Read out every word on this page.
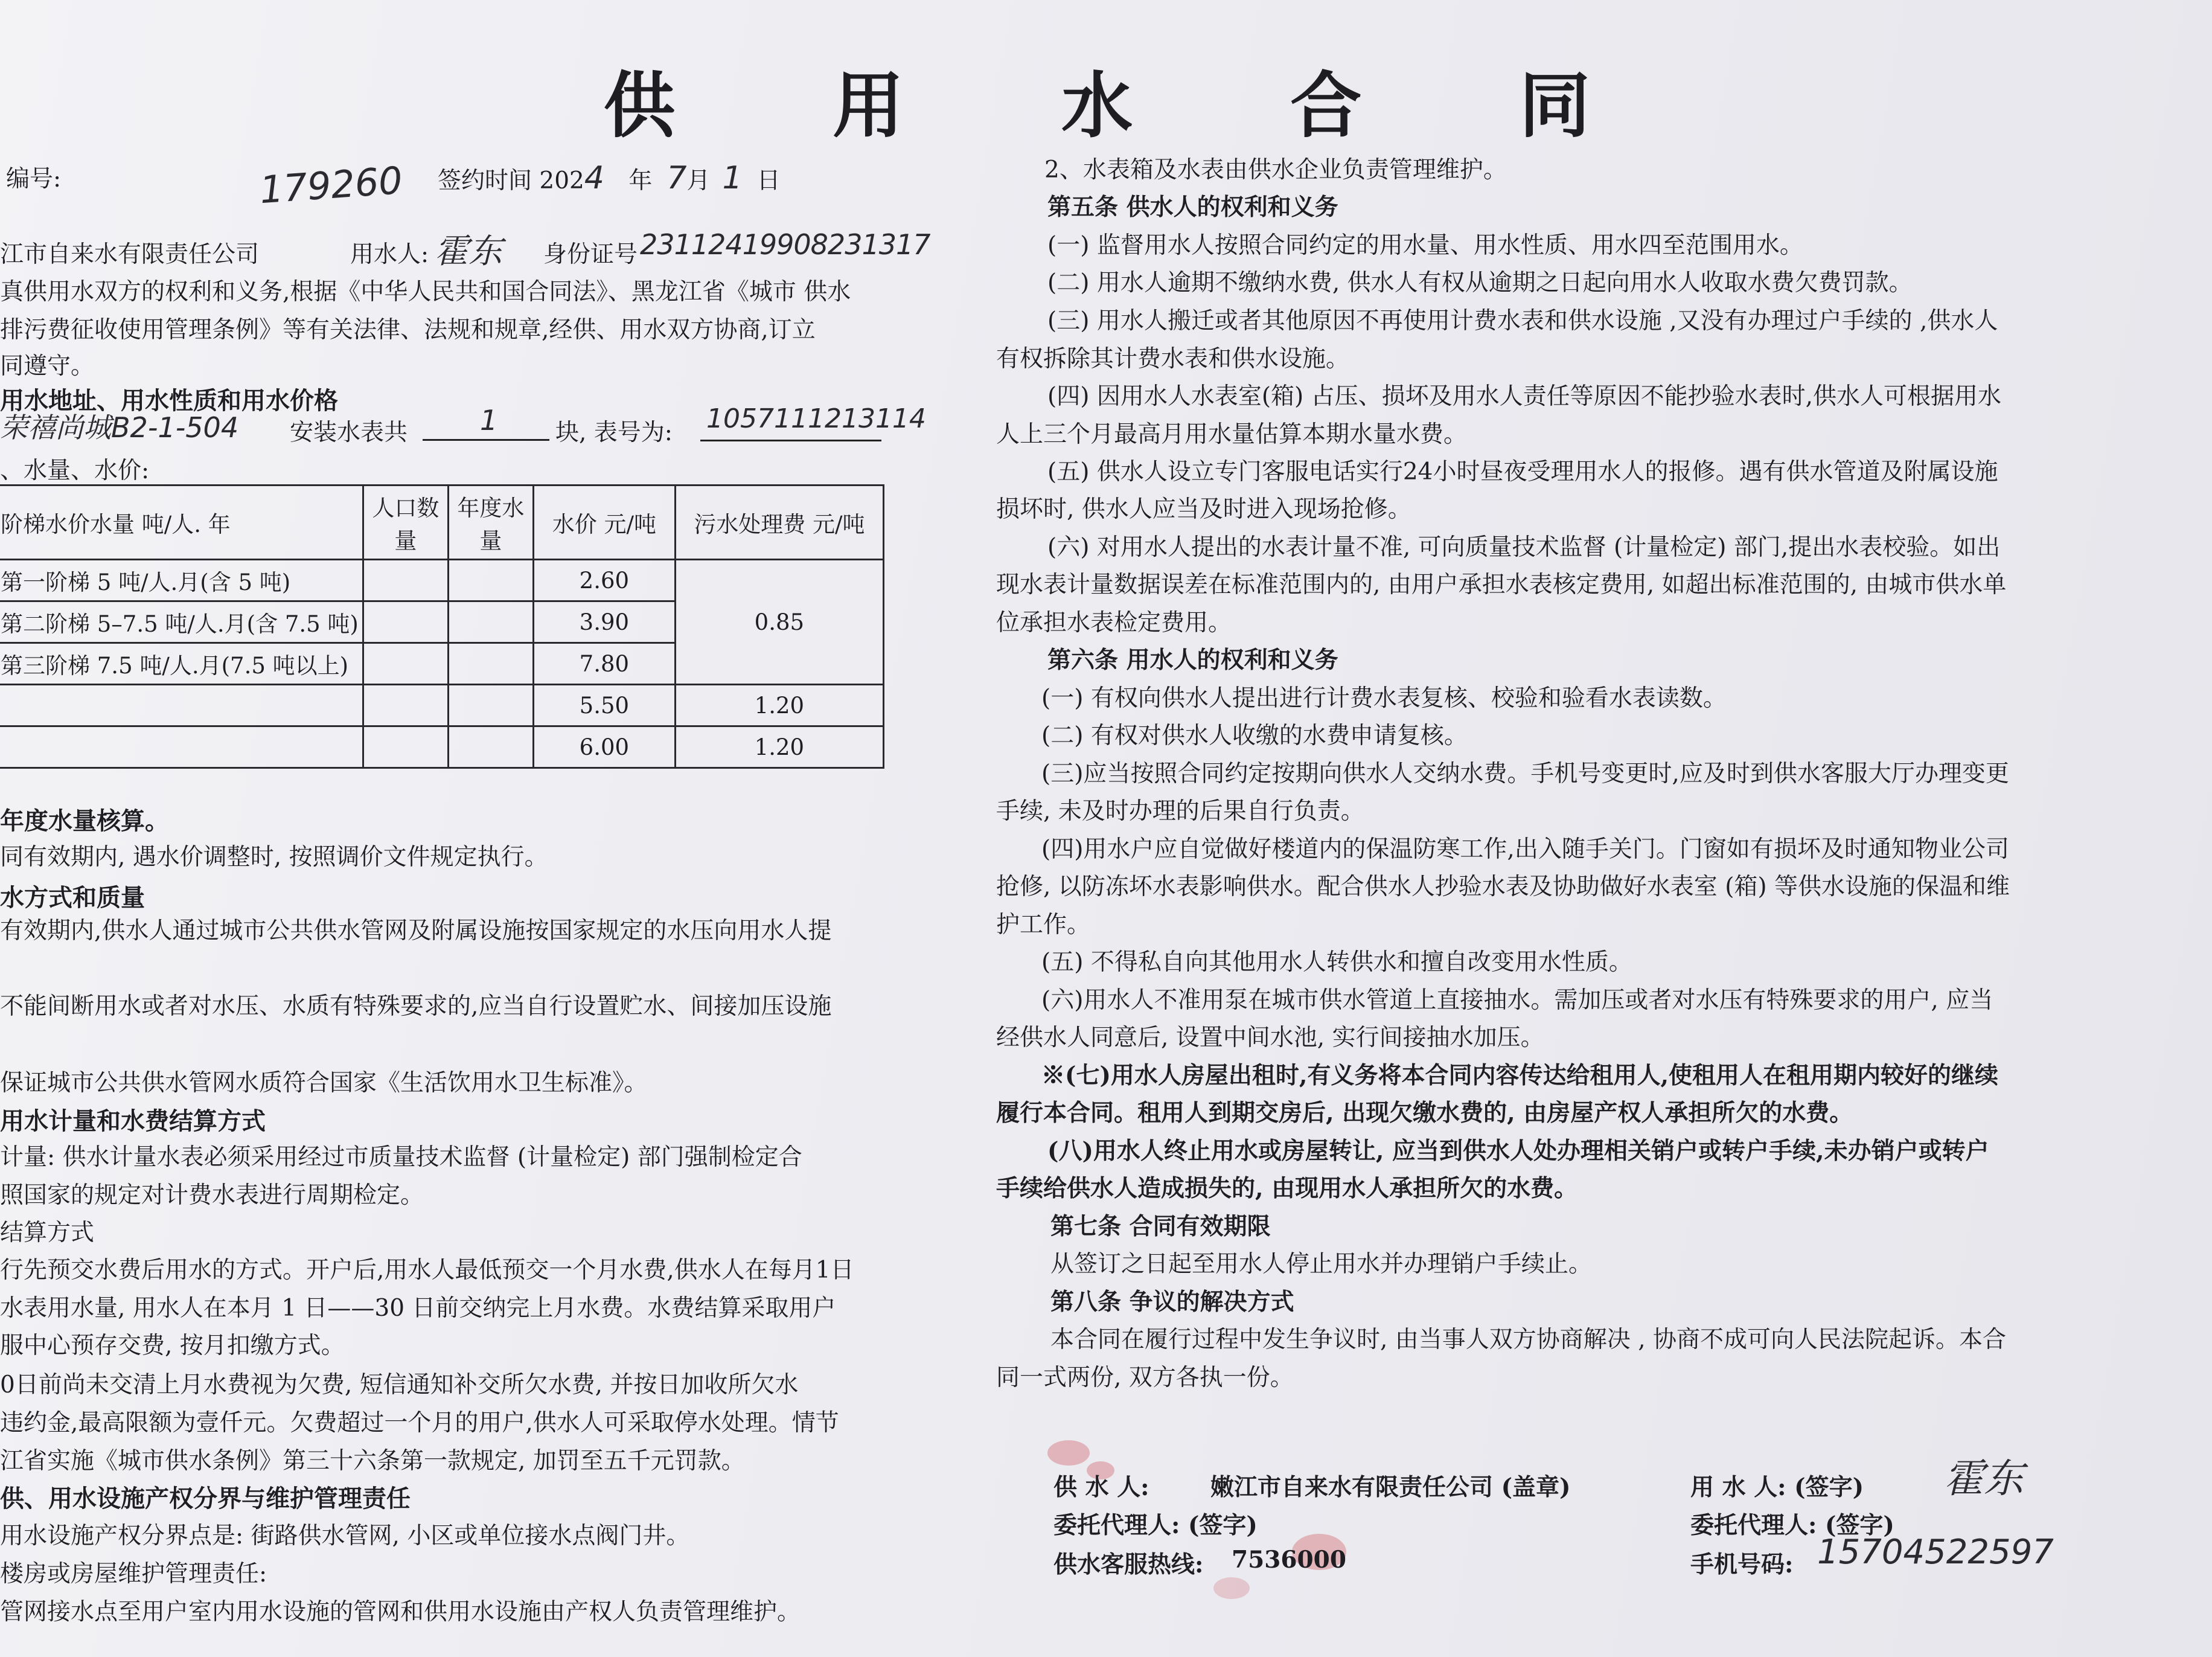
供 用 水 合 同
编号:	179260 签约时间 2024 年 7月 1 日
江市自来水有限责任公司	用水人: 霍东 身份证号 23112419908231317
真供用水双方的权利和义务,根据《中华人民共和国合同法》、黑龙江省《城市 供水
排污费征收使用管理条例》等有关法律、法规和规章,经供、用水双方协商,订立
同遵守。
用水地址、用水性质和用水价格
荣禧尚城B2-1-504 安装水表共	1 块, 表号为: 1057111213114
、水量、水价:
阶梯水价水量 吨/人. 年	人口数量	年度水量	水价 元/吨	污水处理费 元/吨
第一阶梯 5 吨/人.月(含 5 吨)			2.60	0.85
第二阶梯 5–7.5 吨/人.月(含 7.5 吨)			3.90	
第三阶梯 7.5 吨/人.月(7.5 吨以上)			7.80	
			5.50	1.20
			6.00	1.20
年度水量核算。
同有效期内, 遇水价调整时, 按照调价文件规定执行。
水方式和质量
有效期内,供水人通过城市公共供水管网及附属设施按国家规定的水压向用水人提
不能间断用水或者对水压、水质有特殊要求的,应当自行设置贮水、间接加压设施
保证城市公共供水管网水质符合国家《生活饮用水卫生标准》。
用水计量和水费结算方式
计量: 供水计量水表必须采用经过市质量技术监督 (计量检定) 部门强制检定合
照国家的规定对计费水表进行周期检定。
结算方式
行先预交水费后用水的方式。开户后,用水人最低预交一个月水费,供水人在每月1日
水表用水量, 用水人在本月 1 日——30 日前交纳完上月水费。水费结算采取用户
服中心预存交费, 按月扣缴方式。
0日前尚未交清上月水费视为欠费, 短信通知补交所欠水费, 并按日加收所欠水
违约金,最高限额为壹仟元。欠费超过一个月的用户,供水人可采取停水处理。情节
江省实施《城市供水条例》第三十六条第一款规定, 加罚至五千元罚款。
供、用水设施产权分界与维护管理责任
用水设施产权分界点是: 街路供水管网, 小区或单位接水点阀门井。
楼房或房屋维护管理责任:
管网接水点至用户室内用水设施的管网和供用水设施由产权人负责管理维护。
2、水表箱及水表由供水企业负责管理维护。
第五条 供水人的权利和义务
(一) 监督用水人按照合同约定的用水量、用水性质、用水四至范围用水。
(二) 用水人逾期不缴纳水费, 供水人有权从逾期之日起向用水人收取水费欠费罚款。
(三) 用水人搬迁或者其他原因不再使用计费水表和供水设施 ,又没有办理过户手续的 ,供水人
有权拆除其计费水表和供水设施。
(四) 因用水人水表室(箱) 占压、损坏及用水人责任等原因不能抄验水表时,供水人可根据用水
人上三个月最高月用水量估算本期水量水费。
(五) 供水人设立专门客服电话实行24小时昼夜受理用水人的报修。遇有供水管道及附属设施
损坏时, 供水人应当及时进入现场抢修。
(六) 对用水人提出的水表计量不准, 可向质量技术监督 (计量检定) 部门,提出水表校验。如出
现水表计量数据误差在标准范围内的, 由用户承担水表核定费用, 如超出标准范围的, 由城市供水单
位承担水表检定费用。
第六条 用水人的权利和义务
(一) 有权向供水人提出进行计费水表复核、校验和验看水表读数。
(二) 有权对供水人收缴的水费申请复核。
(三)应当按照合同约定按期向供水人交纳水费。手机号变更时,应及时到供水客服大厅办理变更
手续, 未及时办理的后果自行负责。
(四)用水户应自觉做好楼道内的保温防寒工作,出入随手关门。门窗如有损坏及时通知物业公司
抢修, 以防冻坏水表影响供水。配合供水人抄验水表及协助做好水表室 (箱) 等供水设施的保温和维
护工作。
(五) 不得私自向其他用水人转供水和擅自改变用水性质。
(六)用水人不准用泵在城市供水管道上直接抽水。需加压或者对水压有特殊要求的用户, 应当
经供水人同意后, 设置中间水池, 实行间接抽水加压。
※(七)用水人房屋出租时,有义务将本合同内容传达给租用人,使租用人在租用期内较好的继续
履行本合同。租用人到期交房后, 出现欠缴水费的, 由房屋产权人承担所欠的水费。
(八)用水人终止用水或房屋转让, 应当到供水人处办理相关销户或转户手续,未办销户或转户
手续给供水人造成损失的, 由现用水人承担所欠的水费。
第七条 合同有效期限
从签订之日起至用水人停止用水并办理销户手续止。
第八条 争议的解决方式
本合同在履行过程中发生争议时, 由当事人双方协商解决 , 协商不成可向人民法院起诉。本合
同一式两份, 双方各执一份。
供 水 人:	嫩江市自来水有限责任公司 (盖章)
委托代理人: (签字)
供水客服热线: 7536000
用 水 人: (签字) 霍东
委托代理人: (签字)
手机号码: 15704522597
